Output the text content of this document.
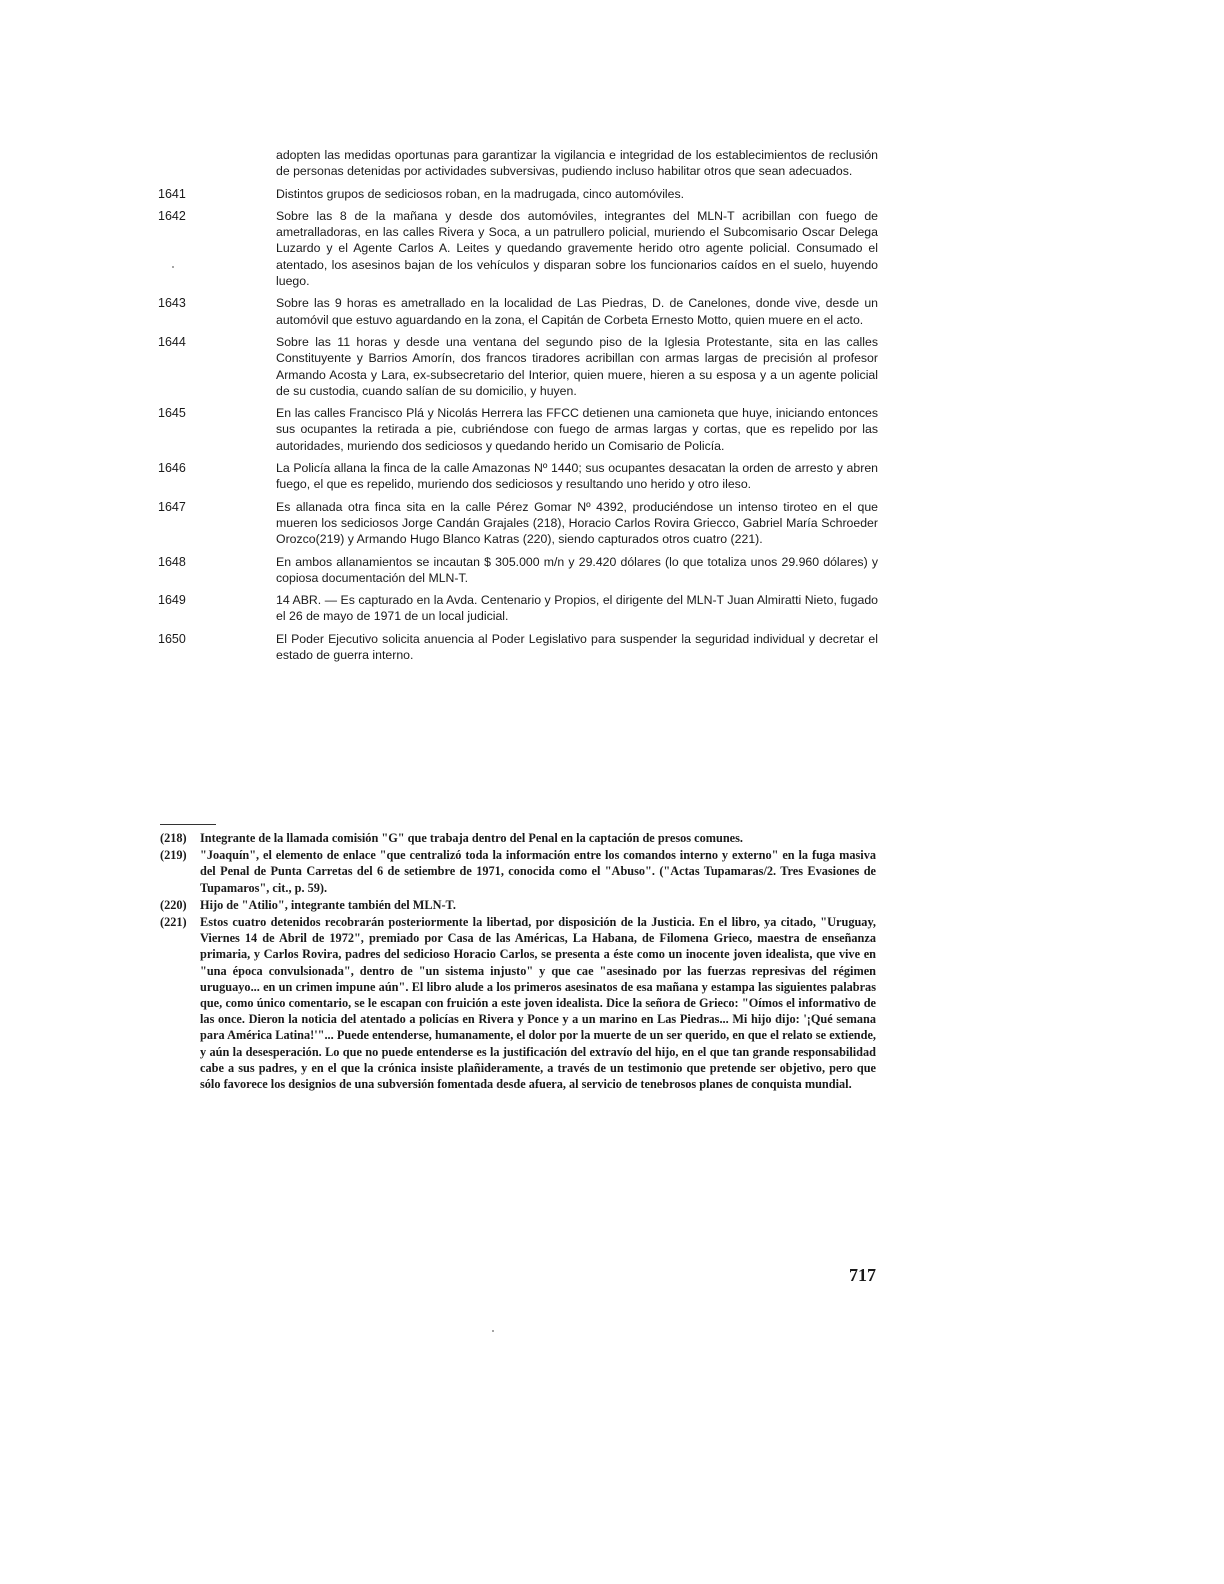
adopten las medidas oportunas para garantizar la vigilancia e integridad de los establecimientos de reclusión de personas detenidas por actividades subversivas, pudiendo incluso habilitar otros que sean adecuados.
1641	Distintos grupos de sediciosos roban, en la madrugada, cinco automóviles.
1642	Sobre las 8 de la mañana y desde dos automóviles, integrantes del MLN-T acribillan con fuego de ametralladoras, en las calles Rivera y Soca, a un patrullero policial, muriendo el Subcomisario Oscar Delega Luzardo y el Agente Carlos A. Leites y quedando gravemente herido otro agente policial. Consumado el atentado, los asesinos bajan de los vehículos y disparan sobre los funcionarios caídos en el suelo, huyendo luego.
1643	Sobre las 9 horas es ametrallado en la localidad de Las Piedras, D. de Canelones, donde vive, desde un automóvil que estuvo aguardando en la zona, el Capitán de Corbeta Ernesto Motto, quien muere en el acto.
1644	Sobre las 11 horas y desde una ventana del segundo piso de la Iglesia Protestante, sita en las calles Constituyente y Barrios Amorín, dos francos tiradores acribillan con armas largas de precisión al profesor Armando Acosta y Lara, ex-subsecretario del Interior, quien muere, hieren a su esposa y a un agente policial de su custodia, cuando salían de su domicilio, y huyen.
1645	En las calles Francisco Plá y Nicolás Herrera las FFCC detienen una camioneta que huye, iniciando entonces sus ocupantes la retirada a pie, cubriéndose con fuego de armas largas y cortas, que es repelido por las autoridades, muriendo dos sediciosos y quedando herido un Comisario de Policía.
1646	La Policía allana la finca de la calle Amazonas Nº 1440; sus ocupantes desacatan la orden de arresto y abren fuego, el que es repelido, muriendo dos sediciosos y resultando uno herido y otro ileso.
1647	Es allanada otra finca sita en la calle Pérez Gomar Nº 4392, produciéndose un intenso tiroteo en el que mueren los sediciosos Jorge Candán Grajales (218), Horacio Carlos Rovira Griecco, Gabriel María Schroeder Orozco(219) y Armando Hugo Blanco Katras (220), siendo capturados otros cuatro (221).
1648	En ambos allanamientos se incautan $ 305.000 m/n y 29.420 dólares (lo que totaliza unos 29.960 dólares) y copiosa documentación del MLN-T.
1649	14 ABR. — Es capturado en la Avda. Centenario y Propios, el dirigente del MLN-T Juan Almiratti Nieto, fugado el 26 de mayo de 1971 de un local judicial.
1650	El Poder Ejecutivo solicita anuencia al Poder Legislativo para suspender la seguridad individual y decretar el estado de guerra interno.
(218)	Integrante de la llamada comisión "G" que trabaja dentro del Penal en la captación de presos comunes.
(219)	"Joaquín", el elemento de enlace "que centralizó toda la información entre los comandos interno y externo" en la fuga masiva del Penal de Punta Carretas del 6 de setiembre de 1971, conocida como el "Abuso". ("Actas Tupamaras/2. Tres Evasiones de Tupamaros", cit., p. 59).
(220)	Hijo de "Atilio", integrante también del MLN-T.
(221)	Estos cuatro detenidos recobrarán posteriormente la libertad, por disposición de la Justicia. En el libro, ya citado, "Uruguay, Viernes 14 de Abril de 1972", premiado por Casa de las Américas, La Habana, de Filomena Grieco, maestra de enseñanza primaria, y Carlos Rovira, padres del sedicioso Horacio Carlos, se presenta a éste como un inocente joven idealista, que vive en "una época convulsionada", dentro de "un sistema injusto" y que cae "asesinado por las fuerzas represivas del régimen uruguayo... en un crimen impune aún". El libro alude a los primeros asesinatos de esa mañana y estampa las siguientes palabras que, como único comentario, se le escapan con fruición a este joven idealista. Dice la señora de Grieco: "Oímos el informativo de las once. Dieron la noticia del atentado a policías en Rivera y Ponce y a un marino en Las Piedras... Mi hijo dijo: '¡Qué semana para América Latina!'"... Puede entenderse, humanamente, el dolor por la muerte de un ser querido, en que el relato se extiende, y aún la desesperación. Lo que no puede entenderse es la justificación del extravío del hijo, en el que tan grande responsabilidad cabe a sus padres, y en el que la crónica insiste plañideramente, a través de un testimonio que pretende ser objetivo, pero que sólo favorece los designios de una subversión fomentada desde afuera, al servicio de tenebrosos planes de conquista mundial.
717
